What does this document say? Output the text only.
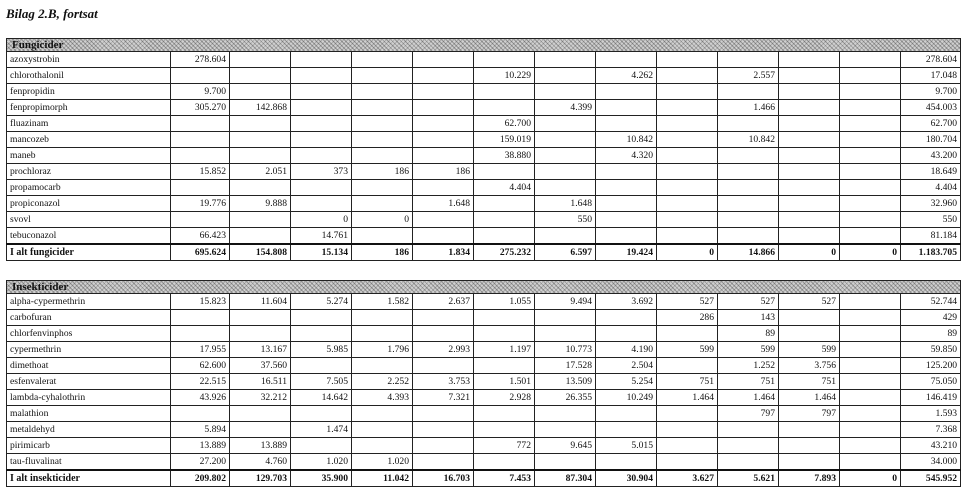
Bilag 2.B, fortsat
Fungicider													
azoxystrobin	278.604												278.604
chlorothalonil						10.229		4.262		2.557			17.048
fenpropidin	9.700												9.700
fenpropimorph	305.270	142.868					4.399			1.466			454.003
fluazinam						62.700							62.700
mancozeb						159.019		10.842		10.842			180.704
maneb						38.880		4.320					43.200
prochloraz	15.852	2.051	373	186	186								18.649
propamocarb						4.404							4.404
propiconazol	19.776	9.888			1.648		1.648						32.960
svovl			0	0			550						550
tebuconazol	66.423		14.761										81.184
I alt fungicider	695.624	154.808	15.134	186	1.834	275.232	6.597	19.424	0	14.866	0	0	1.183.705
Insekticider													
alpha-cypermethrin	15.823	11.604	5.274	1.582	2.637	1.055	9.494	3.692	527	527	527		52.744
carbofuran									286	143			429
chlorfenvinphos										89			89
cypermethrin	17.955	13.167	5.985	1.796	2.993	1.197	10.773	4.190	599	599	599		59.850
dimethoat	62.600	37.560					17.528	2.504		1.252	3.756		125.200
esfenvalerat	22.515	16.511	7.505	2.252	3.753	1.501	13.509	5.254	751	751	751		75.050
lambda-cyhalothrin	43.926	32.212	14.642	4.393	7.321	2.928	26.355	10.249	1.464	1.464	1.464		146.419
malathion										797	797		1.593
metaldehyd	5.894		1.474										7.368
pirimicarb	13.889	13.889				772	9.645	5.015					43.210
tau-fluvalinat	27.200	4.760	1.020	1.020									34.000
I alt insekticider	209.802	129.703	35.900	11.042	16.703	7.453	87.304	30.904	3.627	5.621	7.893	0	545.952
